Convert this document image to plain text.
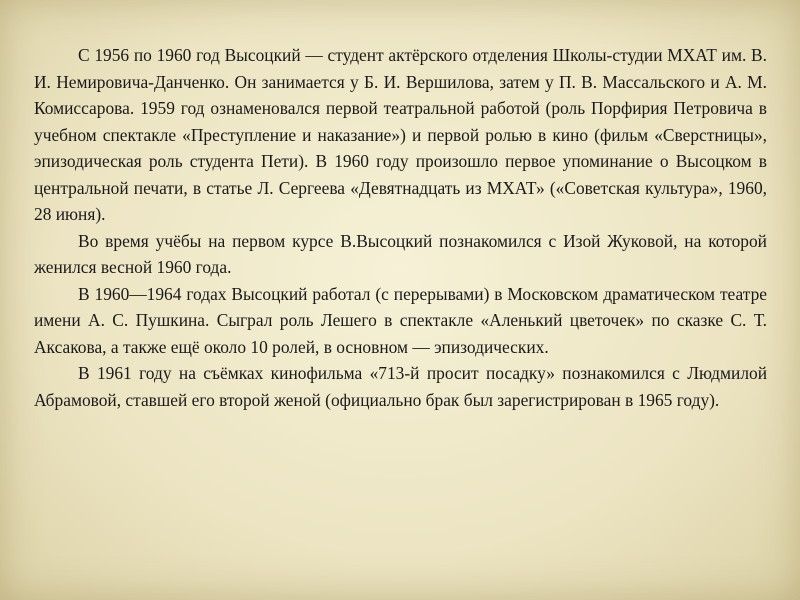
С 1956 по 1960 год Высоцкий — студент актёрского отделения Школы-студии МХАТ им. В. И. Немировича-Данченко. Он занимается у Б. И. Вершилова, затем у П. В. Массальского и А. М. Комиссарова. 1959 год ознаменовался первой театральной работой (роль Порфирия Петровича в учебном спектакле «Преступление и наказание») и первой ролью в кино (фильм «Сверстницы», эпизодическая роль студента Пети). В 1960 году произошло первое упоминание о Высоцком в центральной печати, в статье Л. Сергеева «Девятнадцать из МХАТ» («Советская культура», 1960, 28 июня).

Во время учёбы на первом курсе В.Высоцкий познакомился с Изой Жуковой, на которой женился весной 1960 года.

В 1960—1964 годах Высоцкий работал (с перерывами) в Московском драматическом театре имени А. С. Пушкина. Сыграл роль Лешего в спектакле «Аленький цветочек» по сказке С. Т. Аксакова, а также ещё около 10 ролей, в основном — эпизодических.

В 1961 году на съёмках кинофильма «713-й просит посадку» познакомился с Людмилой Абрамовой, ставшей его второй женой (официально брак был зарегистрирован в 1965 году).
